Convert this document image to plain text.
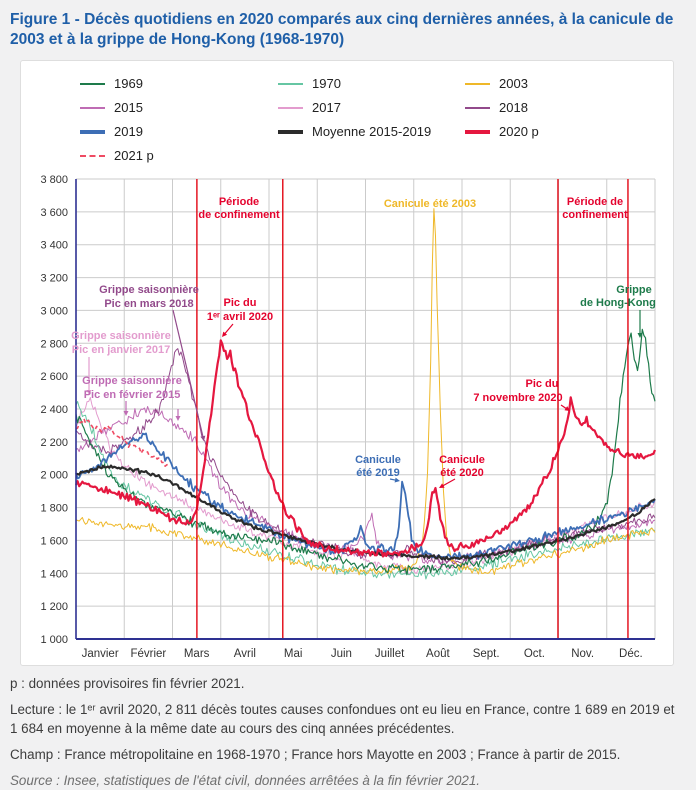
Figure 1 - Décès quotidiens en 2020 comparés aux cinq dernières années, à la canicule de 2003 et à la grippe de Hong-Kong (1968-1970)
1969	1970	2003
2015	2017	2018
2019	Moyenne 2015-2019	2020 p
2021 p
1 000
1 200
1 400
1 600
1 800
2 000
2 200
2 400
2 600
2 800
3 000
3 200
3 400
3 600
3 800
Janvier Février Mars Avril Mai Juin Juillet Août Sept. Oct. Nov. Déc.
Période
de confinement
Période de
confinement
Canicule été 2003
Grippe saisonnière
Pic en mars 2018	Pic du
1ᵉʳ avril 2020
Grippe saisonnière
Pic en janvier 2017
Grippe saisonnière
Pic en février 2015
Grippe
de Hong-Kong
Pic du
7 novembre 2020
Canicule
été 2019
Canicule
été 2020

p : données provisoires fin février 2021.

Lecture : le 1ᵉʳ avril 2020, 2 811 décès toutes causes confondues ont eu lieu en France, contre 1 689 en 2019 et 1 684 en moyenne à la même date au cours des cinq années précédentes.

Champ : France métropolitaine en 1968-1970 ; France hors Mayotte en 2003 ; France à partir de 2015.

Source : Insee, statistiques de l'état civil, données arrêtées à la fin février 2021.
